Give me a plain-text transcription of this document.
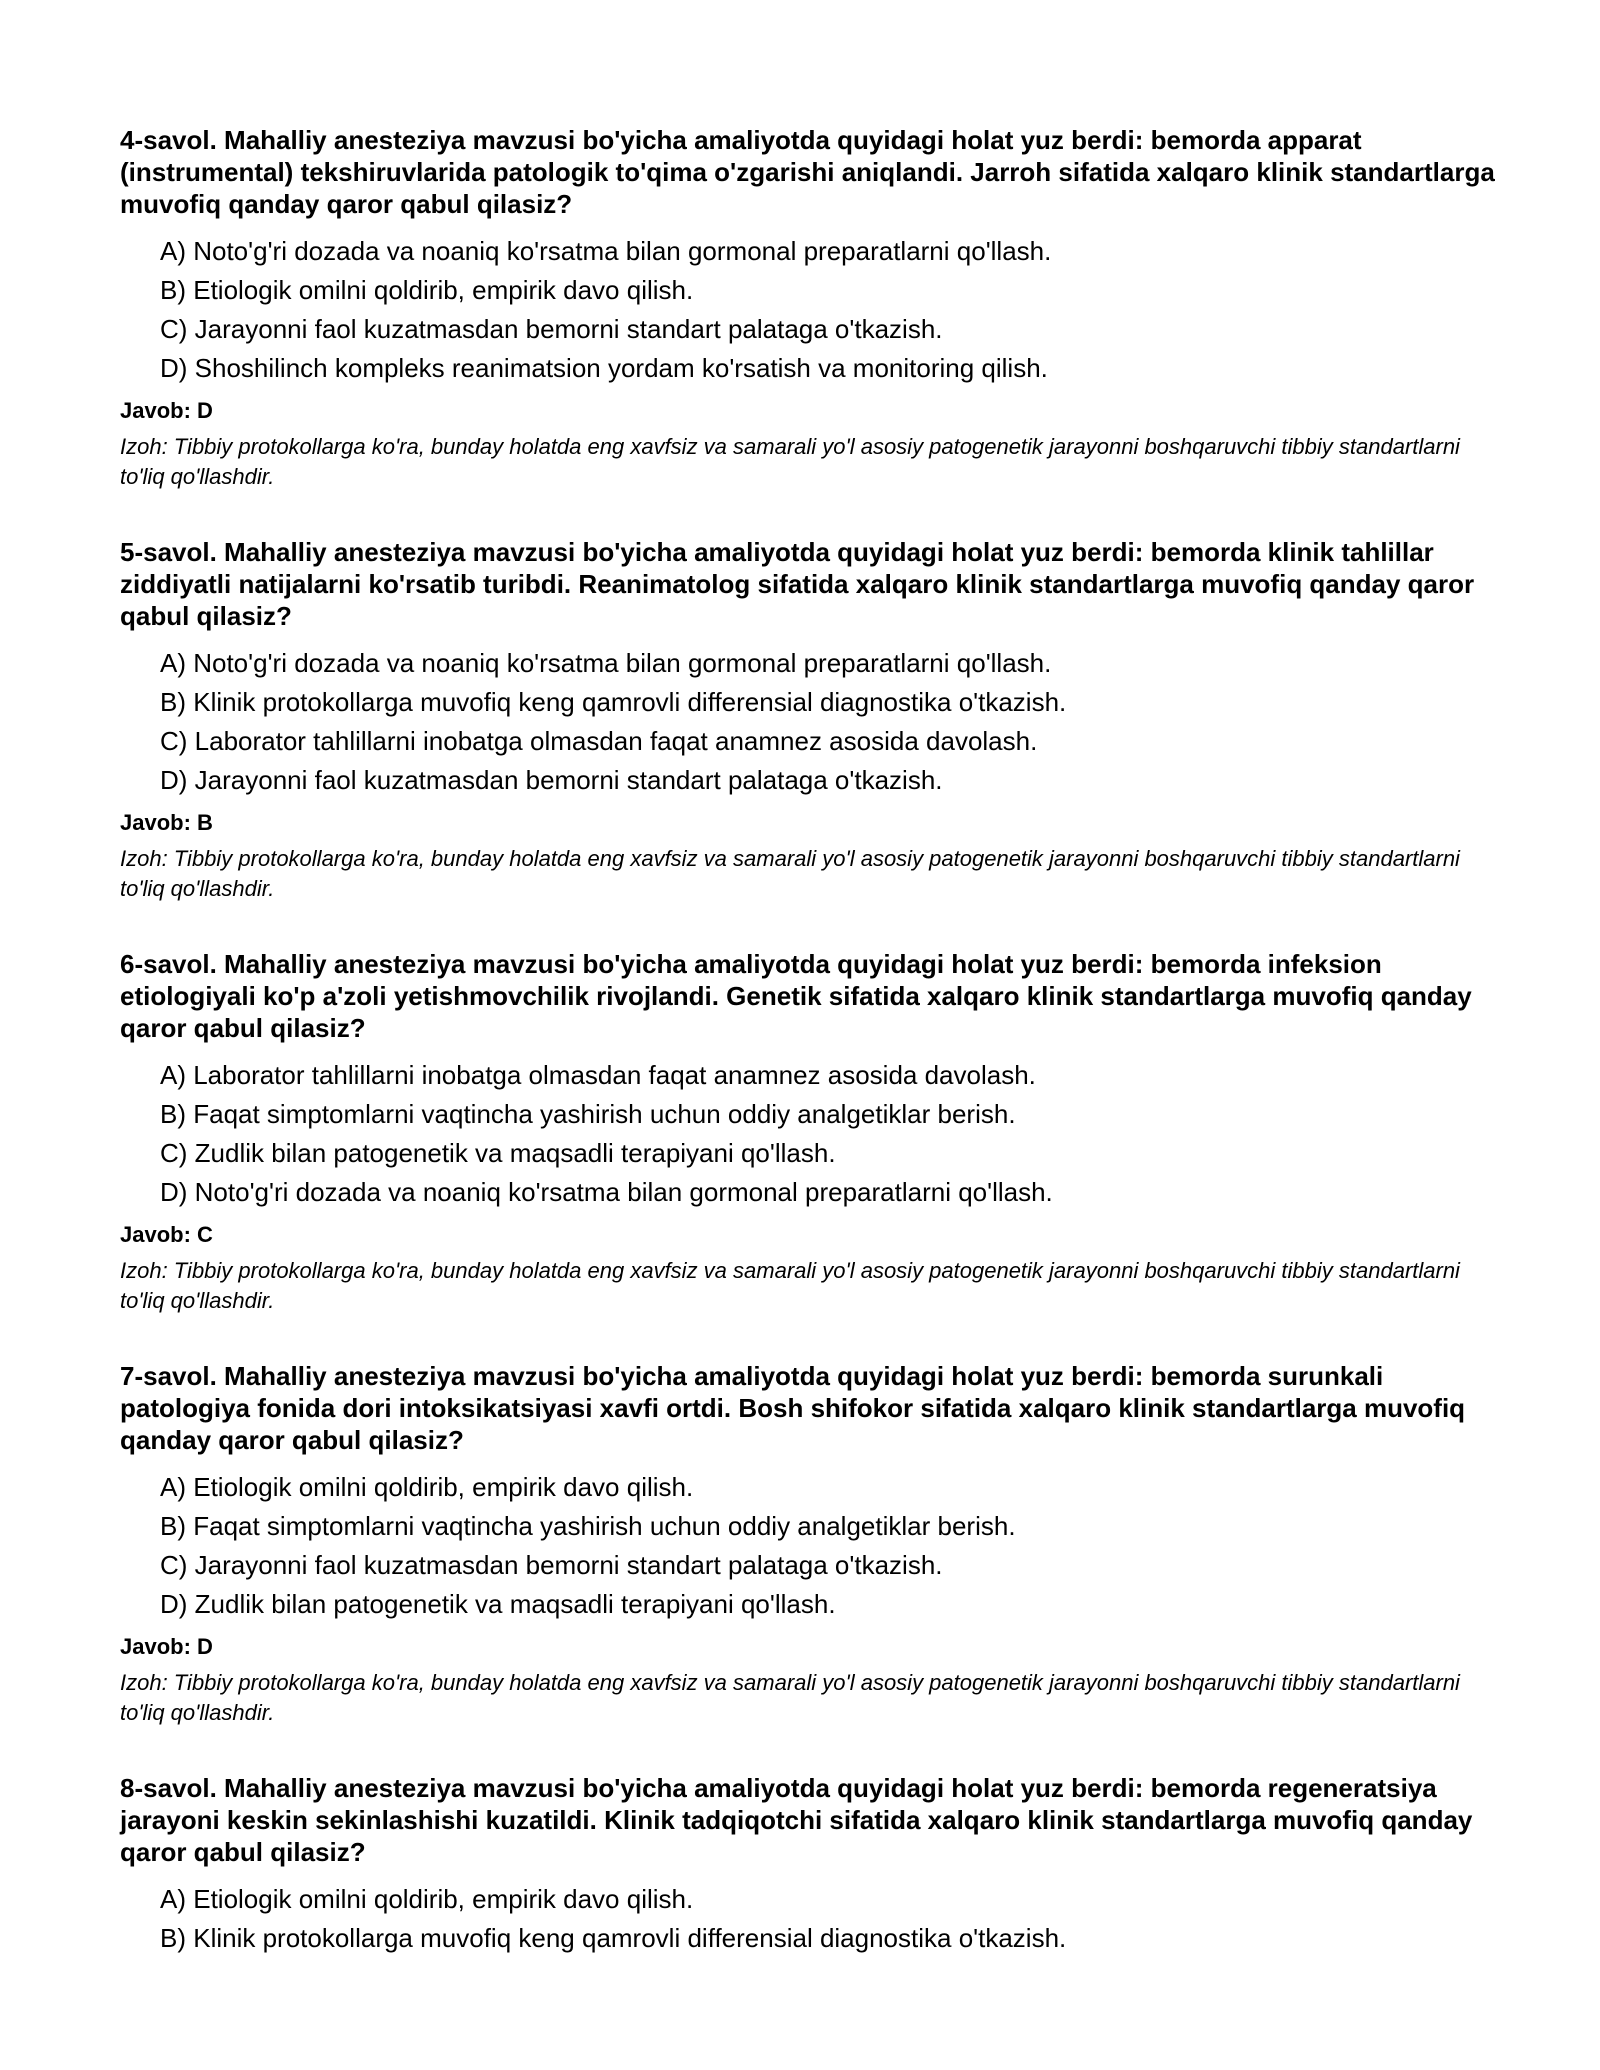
4-savol. Mahalliy anesteziya mavzusi bo'yicha amaliyotda quyidagi holat yuz berdi: bemorda apparat (instrumental) tekshiruvlarida patologik to'qima o'zgarishi aniqlandi. Jarroh sifatida xalqaro klinik standartlarga muvofiq qanday qaror qabul qilasiz?

A) Noto'g'ri dozada va noaniq ko'rsatma bilan gormonal preparatlarni qo'llash.
B) Etiologik omilni qoldirib, empirik davo qilish.
C) Jarayonni faol kuzatmasdan bemorni standart palataga o'tkazish.
D) Shoshilinch kompleks reanimatsion yordam ko'rsatish va monitoring qilish.

Javob: D

Izoh: Tibbiy protokollarga ko'ra, bunday holatda eng xavfsiz va samarali yo'l asosiy patogenetik jarayonni boshqaruvchi tibbiy standartlarni to'liq qo'llashdir.

5-savol. Mahalliy anesteziya mavzusi bo'yicha amaliyotda quyidagi holat yuz berdi: bemorda klinik tahlillar ziddiyatli natijalarni ko'rsatib turibdi. Reanimatolog sifatida xalqaro klinik standartlarga muvofiq qanday qaror qabul qilasiz?

A) Noto'g'ri dozada va noaniq ko'rsatma bilan gormonal preparatlarni qo'llash.
B) Klinik protokollarga muvofiq keng qamrovli differensial diagnostika o'tkazish.
C) Laborator tahlillarni inobatga olmasdan faqat anamnez asosida davolash.
D) Jarayonni faol kuzatmasdan bemorni standart palataga o'tkazish.

Javob: B

Izoh: Tibbiy protokollarga ko'ra, bunday holatda eng xavfsiz va samarali yo'l asosiy patogenetik jarayonni boshqaruvchi tibbiy standartlarni to'liq qo'llashdir.

6-savol. Mahalliy anesteziya mavzusi bo'yicha amaliyotda quyidagi holat yuz berdi: bemorda infeksion etiologiyali ko'p a'zoli yetishmovchilik rivojlandi. Genetik sifatida xalqaro klinik standartlarga muvofiq qanday qaror qabul qilasiz?

A) Laborator tahlillarni inobatga olmasdan faqat anamnez asosida davolash.
B) Faqat simptomlarni vaqtincha yashirish uchun oddiy analgetiklar berish.
C) Zudlik bilan patogenetik va maqsadli terapiyani qo'llash.
D) Noto'g'ri dozada va noaniq ko'rsatma bilan gormonal preparatlarni qo'llash.

Javob: C

Izoh: Tibbiy protokollarga ko'ra, bunday holatda eng xavfsiz va samarali yo'l asosiy patogenetik jarayonni boshqaruvchi tibbiy standartlarni to'liq qo'llashdir.

7-savol. Mahalliy anesteziya mavzusi bo'yicha amaliyotda quyidagi holat yuz berdi: bemorda surunkali patologiya fonida dori intoksikatsiyasi xavfi ortdi. Bosh shifokor sifatida xalqaro klinik standartlarga muvofiq qanday qaror qabul qilasiz?

A) Etiologik omilni qoldirib, empirik davo qilish.
B) Faqat simptomlarni vaqtincha yashirish uchun oddiy analgetiklar berish.
C) Jarayonni faol kuzatmasdan bemorni standart palataga o'tkazish.
D) Zudlik bilan patogenetik va maqsadli terapiyani qo'llash.

Javob: D

Izoh: Tibbiy protokollarga ko'ra, bunday holatda eng xavfsiz va samarali yo'l asosiy patogenetik jarayonni boshqaruvchi tibbiy standartlarni to'liq qo'llashdir.

8-savol. Mahalliy anesteziya mavzusi bo'yicha amaliyotda quyidagi holat yuz berdi: bemorda regeneratsiya jarayoni keskin sekinlashishi kuzatildi. Klinik tadqiqotchi sifatida xalqaro klinik standartlarga muvofiq qanday qaror qabul qilasiz?

A) Etiologik omilni qoldirib, empirik davo qilish.
B) Klinik protokollarga muvofiq keng qamrovli differensial diagnostika o'tkazish.
